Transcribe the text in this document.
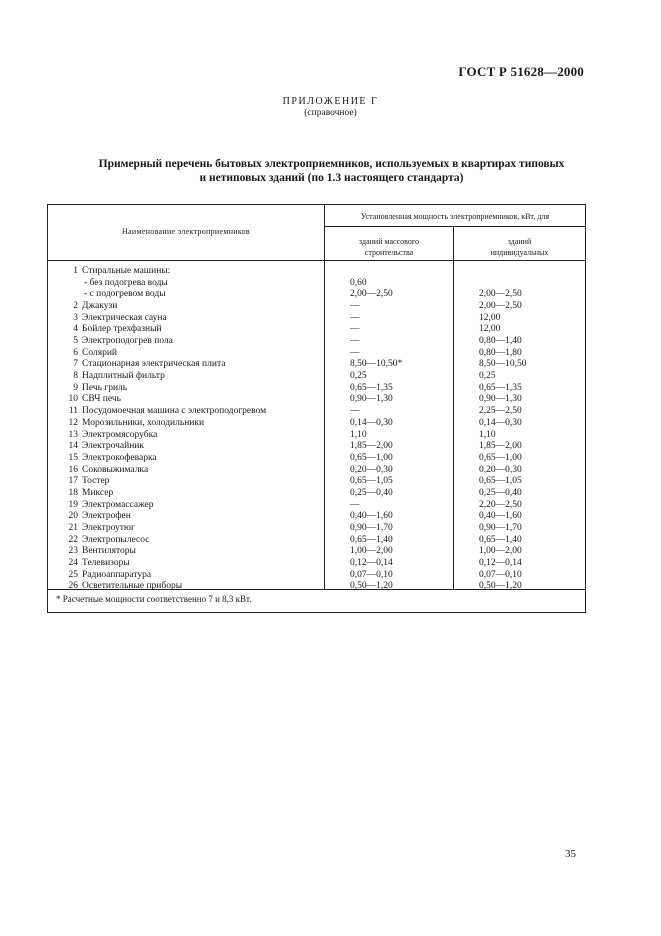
ГОСТ Р 51628—2000
ПРИЛОЖЕНИЕ Г
(справочное)
Примерный перечень бытовых электроприемников, используемых в квартирах типовых
и нетиповых зданий (по 1.3 настоящего стандарта)
Наименование электроприемников
Установленная мощность электроприемников, кВт, для
зданий массового
строительства
зданий
индивидуальных
1 Стиральные машины:
- без подогрева воды	0,60
- с подогревом воды	2,00—2,50	2,00—2,50
2 Джакузи	—	2,00—2,50
3 Электрическая сауна	—	12,00
4 Бойлер трехфазный	—	12,00
5 Электроподогрев пола	—	0,80—1,40
6 Солярий	—	0,80—1,80
7 Стационарная электрическая плита	8,50—10,50*	8,50—10,50
8 Надплитный фильтр	0,25	0,25
9 Печь гриль	0,65—1,35	0,65—1,35
10 СВЧ печь	0,90—1,30	0,90—1,30
11 Посудомоечная машина с электроподогревом	—	2,25—2,50
12 Морозильники, холодильники	0,14—0,30	0,14—0,30
13 Электромясорубка	1,10	1,10
14 Электрочайник	1,85—2,00	1,85—2,00
15 Электрокофеварка	0,65—1,00	0,65—1,00
16 Соковыжималка	0,20—0,30	0,20—0,30
17 Тостер	0,65—1,05	0,65—1,05
18 Миксер	0,25—0,40	0,25—0,40
19 Электромассажер	—	2,20—2,50
20 Электрофен	0,40—1,60	0,40—1,60
21 Электроутюг	0,90—1,70	0,90—1,70
22 Электропылесос	0,65—1,40	0,65—1,40
23 Вентиляторы	1,00—2,00	1,00—2,00
24 Телевизоры	0,12—0,14	0,12—0,14
25 Радиоаппаратура	0,07—0,10	0,07—0,10
26 Осветительные приборы	0,50—1,20	0,50—1,20
* Расчетные мощности соответственно 7 и 8,3 кВт.
35
